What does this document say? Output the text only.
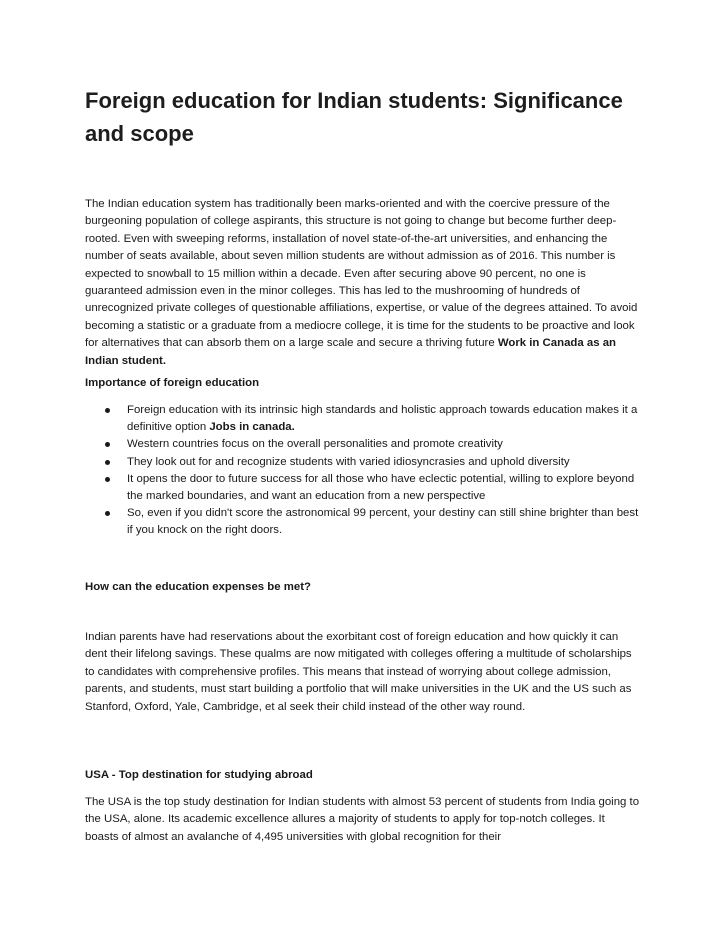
Foreign education for Indian students: Significance and scope

The Indian education system has traditionally been marks-oriented and with the coercive pressure of the burgeoning population of college aspirants, this structure is not going to change but become further deep-rooted. Even with sweeping reforms, installation of novel state-of-the-art universities, and enhancing the number of seats available, about seven million students are without admission as of 2016. This number is expected to snowball to 15 million within a decade. Even after securing above 90 percent, no one is guaranteed admission even in the minor colleges. This has led to the mushrooming of hundreds of unrecognized private colleges of questionable affiliations, expertise, or value of the degrees attained. To avoid becoming a statistic or a graduate from a mediocre college, it is time for the students to be proactive and look for alternatives that can absorb them on a large scale and secure a thriving future Work in Canada as an Indian student.

Importance of foreign education

Foreign education with its intrinsic high standards and holistic approach towards education makes it a definitive option Jobs in canada.
Western countries focus on the overall personalities and promote creativity
They look out for and recognize students with varied idiosyncrasies and uphold diversity
It opens the door to future success for all those who have eclectic potential, willing to explore beyond the marked boundaries, and want an education from a new perspective
So, even if you didn't score the astronomical 99 percent, your destiny can still shine brighter than best if you knock on the right doors.

How can the education expenses be met?

Indian parents have had reservations about the exorbitant cost of foreign education and how quickly it can dent their lifelong savings. These qualms are now mitigated with colleges offering a multitude of scholarships to candidates with comprehensive profiles. This means that instead of worrying about college admission, parents, and students, must start building a portfolio that will make universities in the UK and the US such as Stanford, Oxford, Yale, Cambridge, et al seek their child instead of the other way round.

USA - Top destination for studying abroad

The USA is the top study destination for Indian students with almost 53 percent of students from India going to the USA, alone. Its academic excellence allures a majority of students to apply for top-notch colleges. It boasts of almost an avalanche of 4,495 universities with global recognition for their
